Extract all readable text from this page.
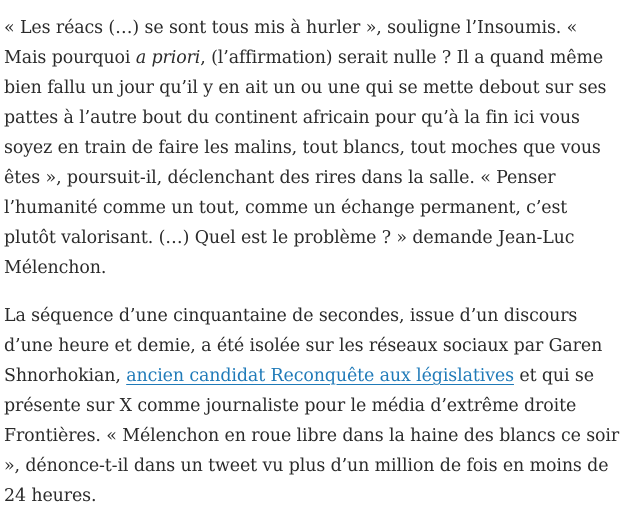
« Les réacs (…) se sont tous mis à hurler », souligne l’Insoumis. «
Mais pourquoi a priori, (l’affirmation) serait nulle ? Il a quand même
bien fallu un jour qu’il y en ait un ou une qui se mette debout sur ses
pattes à l’autre bout du continent africain pour qu’à la fin ici vous
soyez en train de faire les malins, tout blancs, tout moches que vous
êtes », poursuit-il, déclenchant des rires dans la salle. « Penser
l’humanité comme un tout, comme un échange permanent, c’est
plutôt valorisant. (…) Quel est le problème ? » demande Jean-Luc
Mélenchon.

La séquence d’une cinquantaine de secondes, issue d’un discours
d’une heure et demie, a été isolée sur les réseaux sociaux par Garen
Shnorhokian, ancien candidat Reconquête aux législatives et qui se
présente sur X comme journaliste pour le média d’extrême droite
Frontières. « Mélenchon en roue libre dans la haine des blancs ce soir
», dénonce-t-il dans un tweet vu plus d’un million de fois en moins de
24 heures.
